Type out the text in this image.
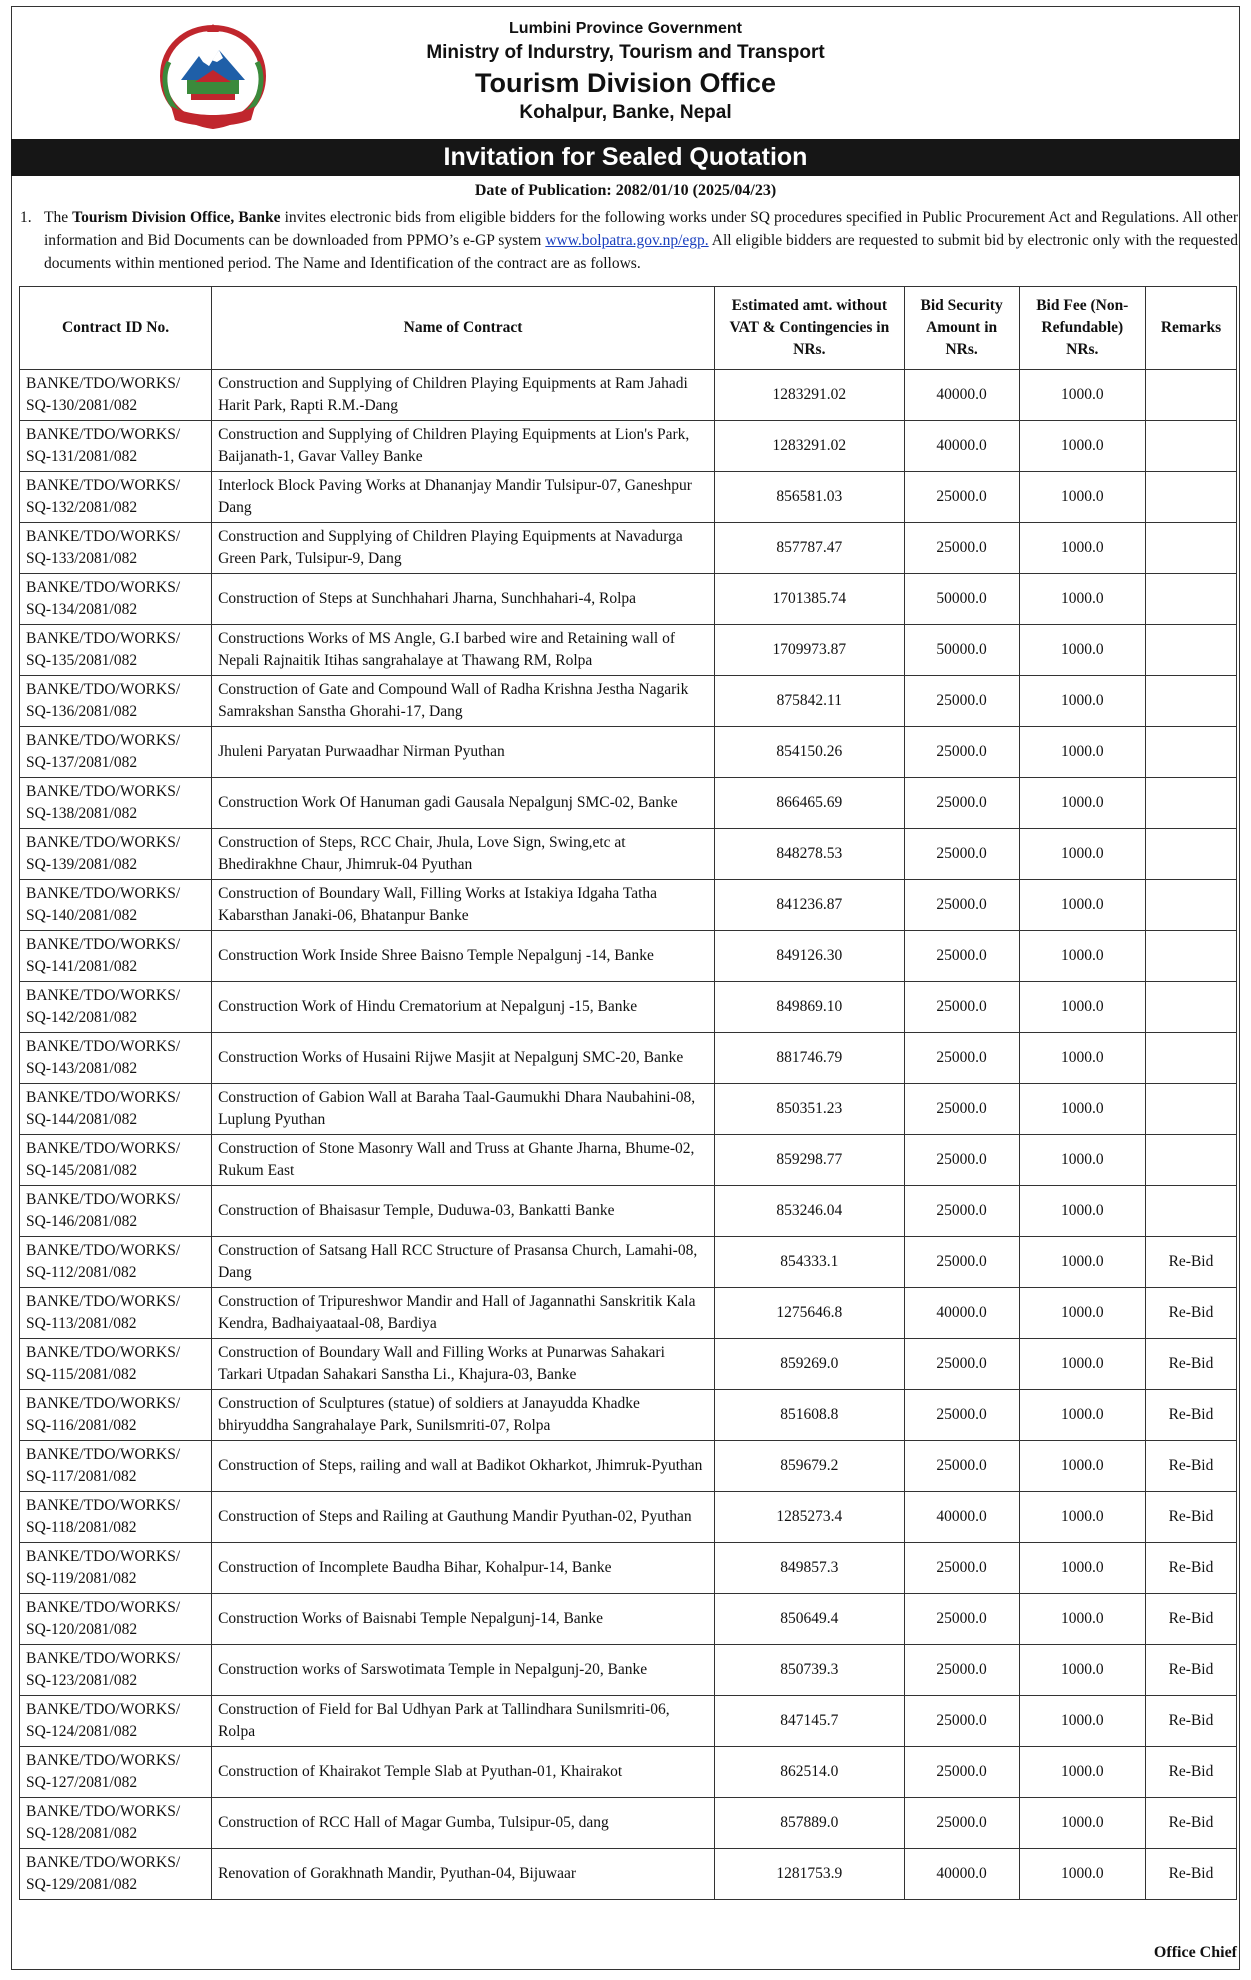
Lumbini Province Government
Ministry of Indurstry, Tourism and Transport
Tourism Division Office
Kohalpur, Banke, Nepal
Invitation for Sealed Quotation
Date of Publication: 2082/01/10 (2025/04/23)
1. The Tourism Division Office, Banke invites electronic bids from eligible bidders for the following works under SQ procedures specified in Public Procurement Act and Regulations. All other information and Bid Documents can be downloaded from PPMO’s e-GP system www.bolpatra.gov.np/egp. All eligible bidders are requested to submit bid by electronic only with the requested documents within mentioned period. The Name and Identification of the contract are as follows.
Contract ID No.	Name of Contract	Estimated amt. without VAT & Contingencies in NRs.	Bid Security Amount in NRs.	Bid Fee (Non-Refundable) NRs.	Remarks
BANKE/TDO/WORKS/ SQ-130/2081/082	Construction and Supplying of Children Playing Equipments at Ram Jahadi Harit Park, Rapti R.M.-Dang	1283291.02	40000.0	1000.0	
BANKE/TDO/WORKS/ SQ-131/2081/082	Construction and Supplying of Children Playing Equipments at Lion's Park, Baijanath-1, Gavar Valley Banke	1283291.02	40000.0	1000.0	
BANKE/TDO/WORKS/ SQ-132/2081/082	Interlock Block Paving Works at Dhananjay Mandir Tulsipur-07, Ganeshpur Dang	856581.03	25000.0	1000.0	
BANKE/TDO/WORKS/ SQ-133/2081/082	Construction and Supplying of Children Playing Equipments at Navadurga Green Park, Tulsipur-9, Dang	857787.47	25000.0	1000.0	
BANKE/TDO/WORKS/ SQ-134/2081/082	Construction of Steps at Sunchhahari Jharna, Sunchhahari-4, Rolpa	1701385.74	50000.0	1000.0	
BANKE/TDO/WORKS/ SQ-135/2081/082	Constructions Works of MS Angle, G.I barbed wire and Retaining wall of Nepali Rajnaitik Itihas sangrahalaye at Thawang RM, Rolpa	1709973.87	50000.0	1000.0	
BANKE/TDO/WORKS/ SQ-136/2081/082	Construction of Gate and Compound Wall of Radha Krishna Jestha Nagarik Samrakshan Sanstha Ghorahi-17, Dang	875842.11	25000.0	1000.0	
BANKE/TDO/WORKS/ SQ-137/2081/082	Jhuleni Paryatan Purwaadhar Nirman Pyuthan	854150.26	25000.0	1000.0	
BANKE/TDO/WORKS/ SQ-138/2081/082	Construction Work Of Hanuman gadi Gausala Nepalgunj SMC-02, Banke	866465.69	25000.0	1000.0	
BANKE/TDO/WORKS/ SQ-139/2081/082	Construction of Steps, RCC Chair, Jhula, Love Sign, Swing,etc at Bhedirakhne Chaur, Jhimruk-04 Pyuthan	848278.53	25000.0	1000.0	
BANKE/TDO/WORKS/ SQ-140/2081/082	Construction of Boundary Wall, Filling Works at Istakiya Idgaha Tatha Kabarsthan Janaki-06, Bhatanpur Banke	841236.87	25000.0	1000.0	
BANKE/TDO/WORKS/ SQ-141/2081/082	Construction Work Inside Shree Baisno Temple Nepalgunj -14, Banke	849126.30	25000.0	1000.0	
BANKE/TDO/WORKS/ SQ-142/2081/082	Construction Work of Hindu Crematorium at Nepalgunj -15, Banke	849869.10	25000.0	1000.0	
BANKE/TDO/WORKS/ SQ-143/2081/082	Construction Works of Husaini Rijwe Masjit at Nepalgunj SMC-20, Banke	881746.79	25000.0	1000.0	
BANKE/TDO/WORKS/ SQ-144/2081/082	Construction of Gabion Wall at Baraha Taal-Gaumukhi Dhara Naubahini-08, Luplung Pyuthan	850351.23	25000.0	1000.0	
BANKE/TDO/WORKS/ SQ-145/2081/082	Construction of Stone Masonry Wall and Truss at Ghante Jharna, Bhume-02, Rukum East	859298.77	25000.0	1000.0	
BANKE/TDO/WORKS/ SQ-146/2081/082	Construction of Bhaisasur Temple, Duduwa-03, Bankatti Banke	853246.04	25000.0	1000.0	
BANKE/TDO/WORKS/ SQ-112/2081/082	Construction of Satsang Hall RCC Structure of Prasansa Church, Lamahi-08, Dang	854333.1	25000.0	1000.0	Re-Bid
BANKE/TDO/WORKS/ SQ-113/2081/082	Construction of Tripureshwor Mandir and Hall of Jagannathi Sanskritik Kala Kendra, Badhaiyaataal-08, Bardiya	1275646.8	40000.0	1000.0	Re-Bid
BANKE/TDO/WORKS/ SQ-115/2081/082	Construction of Boundary Wall and Filling Works at Punarwas Sahakari Tarkari Utpadan Sahakari Sanstha Li., Khajura-03, Banke	859269.0	25000.0	1000.0	Re-Bid
BANKE/TDO/WORKS/ SQ-116/2081/082	Construction of Sculptures (statue) of soldiers at Janayudda Khadke bhiryuddha Sangrahalaye Park, Sunilsmriti-07, Rolpa	851608.8	25000.0	1000.0	Re-Bid
BANKE/TDO/WORKS/ SQ-117/2081/082	Construction of Steps, railing and wall at Badikot Okharkot, Jhimruk-Pyuthan	859679.2	25000.0	1000.0	Re-Bid
BANKE/TDO/WORKS/ SQ-118/2081/082	Construction of Steps and Railing at Gauthung Mandir Pyuthan-02, Pyuthan	1285273.4	40000.0	1000.0	Re-Bid
BANKE/TDO/WORKS/ SQ-119/2081/082	Construction of Incomplete Baudha Bihar, Kohalpur-14, Banke	849857.3	25000.0	1000.0	Re-Bid
BANKE/TDO/WORKS/ SQ-120/2081/082	Construction Works of Baisnabi Temple Nepalgunj-14, Banke	850649.4	25000.0	1000.0	Re-Bid
BANKE/TDO/WORKS/ SQ-123/2081/082	Construction works of Sarswotimata Temple in Nepalgunj-20, Banke	850739.3	25000.0	1000.0	Re-Bid
BANKE/TDO/WORKS/ SQ-124/2081/082	Construction of Field for Bal Udhyan Park at Tallindhara Sunilsmriti-06, Rolpa	847145.7	25000.0	1000.0	Re-Bid
BANKE/TDO/WORKS/ SQ-127/2081/082	Construction of Khairakot Temple Slab at Pyuthan-01, Khairakot	862514.0	25000.0	1000.0	Re-Bid
BANKE/TDO/WORKS/ SQ-128/2081/082	Construction of RCC Hall of Magar Gumba, Tulsipur-05, dang	857889.0	25000.0	1000.0	Re-Bid
BANKE/TDO/WORKS/ SQ-129/2081/082	Renovation of Gorakhnath Mandir, Pyuthan-04, Bijuwaar	1281753.9	40000.0	1000.0	Re-Bid
Office Chief
